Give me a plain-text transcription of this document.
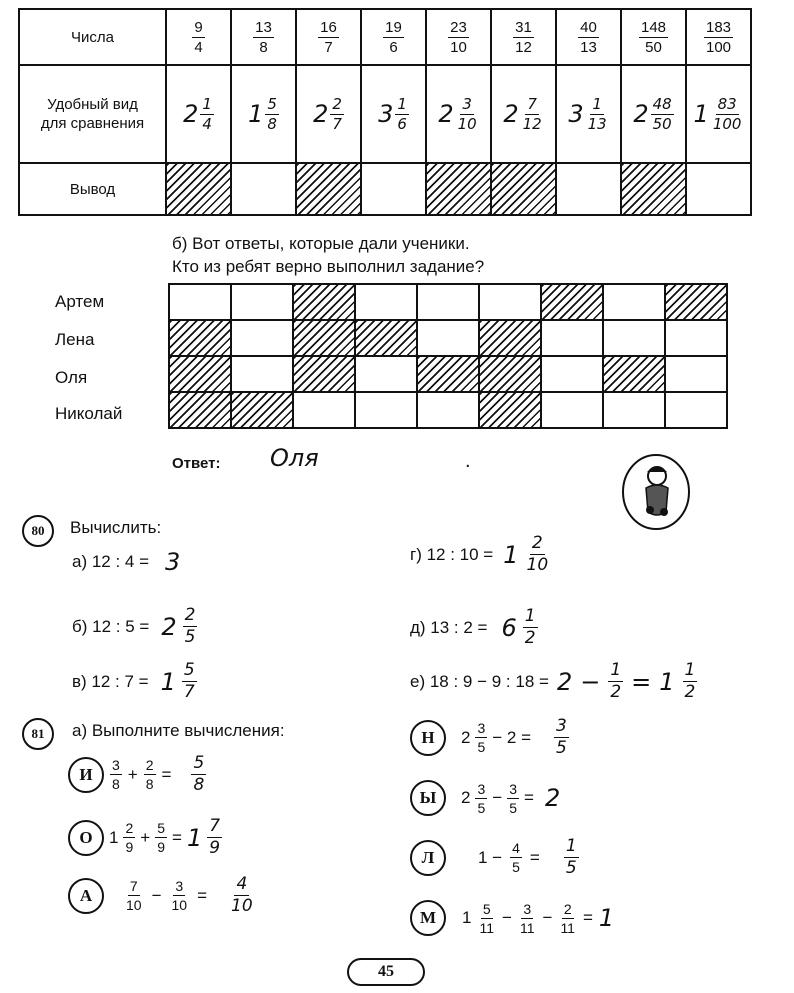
Числа	$\frac{9}{4}$	$\frac{13}{8}$	$\frac{16}{7}$	$\frac{19}{6}$	$\frac{23}{10}$	$\frac{31}{12}$	$\frac{40}{13}$	$\frac{148}{50}$	$\frac{183}{100}$

Удобный вид для сравнения	$2 \frac{1}{4}$	$1 \frac{5}{8}$	$2 \frac{2}{7}$	$3 \frac{1}{6}$	$2 \frac{3}{10}$	$2 \frac{7}{12}$	$3 \frac{1}{13}$	$2 \frac{48}{50}$	$1 \frac{83}{100}$

Вывод									
б) Вот ответы, которые дали ученики.
Кто из ребят верно выполнил задание?
Артем
Лена
Оля
Николай

Ответ: Оля	.
80	Вычислить:
а) 12 : 4 = 3
б) 12 : $5 = 2 \frac{2}{5}$
в) 12 : $7 = 1 \frac{5}{7}$
г) 12 : $10 = 1 \frac{2}{10}$
д) 13 : $2 = 6 \frac{1}{2}$
е) 18 : 9 − 9 : $18 = 2 - \frac{1}{2} = 1 \frac{1}{2}$
81	а) Выполните вычисления:
И	$\frac{3}{8} + \frac{2}{8} = \frac{5}{8}$
О $1 \frac{2}{9} + \frac{5}{9} = 1 \frac{7}{9}$
А	$\frac{7}{10} - \frac{3}{10} = \frac{4}{10}$
Н	$2 \frac{3}{5} - 2 = \frac{3}{5}$
Ы	$2 \frac{3}{5} - \frac{3}{5} = 2$
Л	$1 - \frac{4}{5} = \frac{1}{5}$
М	$1 \frac{5}{11} - \frac{3}{11} - \frac{2}{11} = 1$
45
